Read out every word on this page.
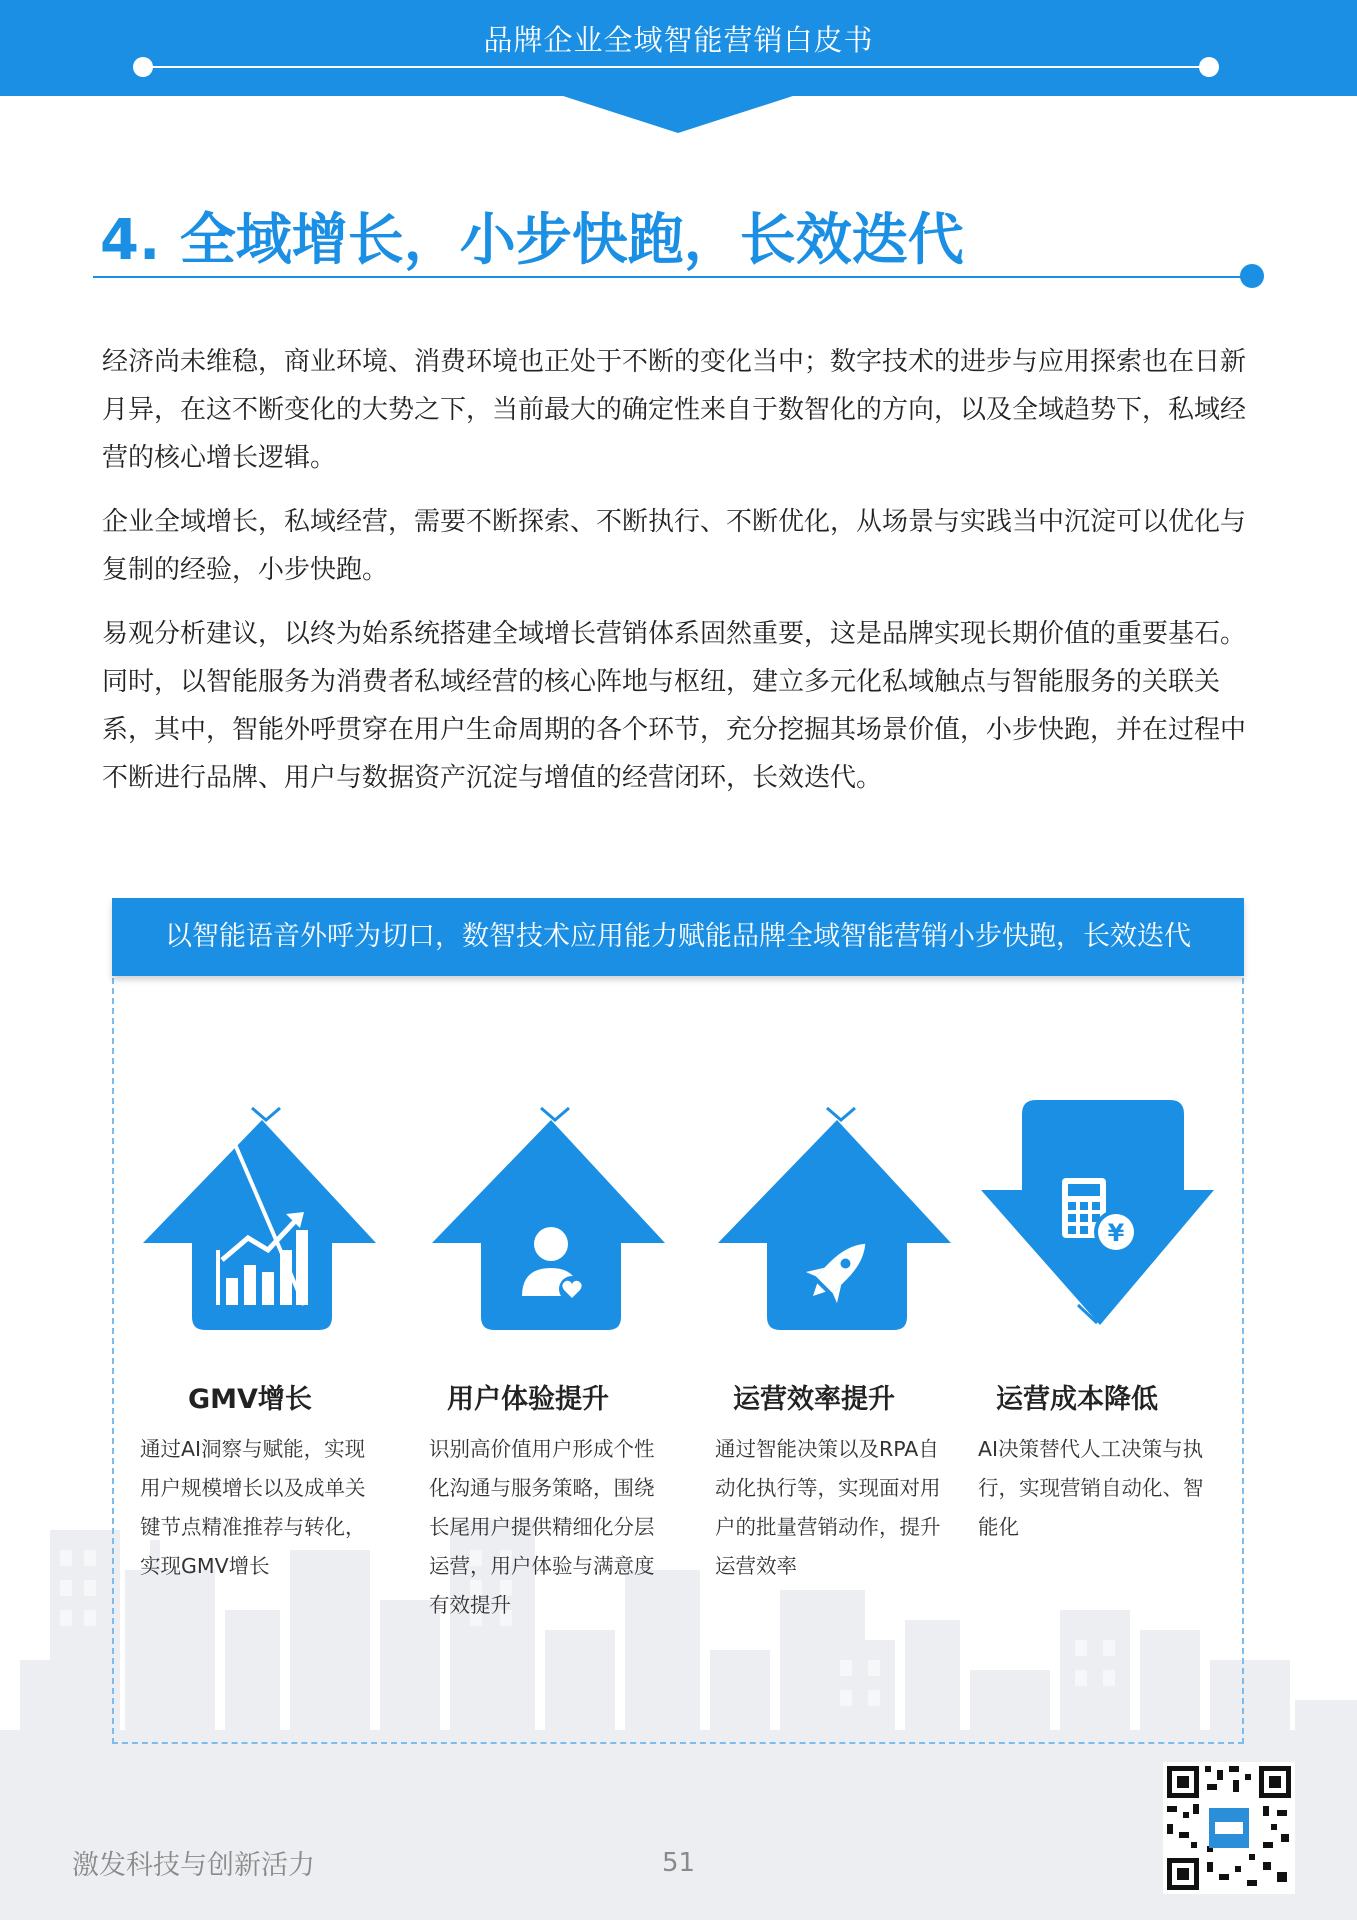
品牌企业全域智能营销白皮书
4. 全域增长，小步快跑，长效迭代

经济尚未维稳，商业环境、消费环境也正处于不断的变化当中；数字技术的进步与应用探索也在日新月异，在这不断变化的大势之下，当前最大的确定性来自于数智化的方向，以及全域趋势下，私域经营的核心增长逻辑。

企业全域增长，私域经营，需要不断探索、不断执行、不断优化，从场景与实践当中沉淀可以优化与复制的经验，小步快跑。

易观分析建议，以终为始系统搭建全域增长营销体系固然重要，这是品牌实现长期价值的重要基石。同时，以智能服务为消费者私域经营的核心阵地与枢纽，建立多元化私域触点与智能服务的关联关系，其中，智能外呼贯穿在用户生命周期的各个环节，充分挖掘其场景价值，小步快跑，并在过程中不断进行品牌、用户与数据资产沉淀与增值的经营闭环，长效迭代。

以智能语音外呼为切口，数智技术应用能力赋能品牌全域智能营销小步快跑，长效迭代
GMV增长

通过AI洞察与赋能，实现用户规模增长以及成单关键节点精准推荐与转化，实现GMV增长

用户体验提升

识别高价值用户形成个性化沟通与服务策略，围绕长尾用户提供精细化分层运营，用户体验与满意度有效提升

运营效率提升

通过智能决策以及RPA自动化执行等，实现面对用户的批量营销动作，提升运营效率

¥
运营成本降低

AI决策替代人工决策与执行，实现营销自动化、智能化

激发科技与创新活力	51
